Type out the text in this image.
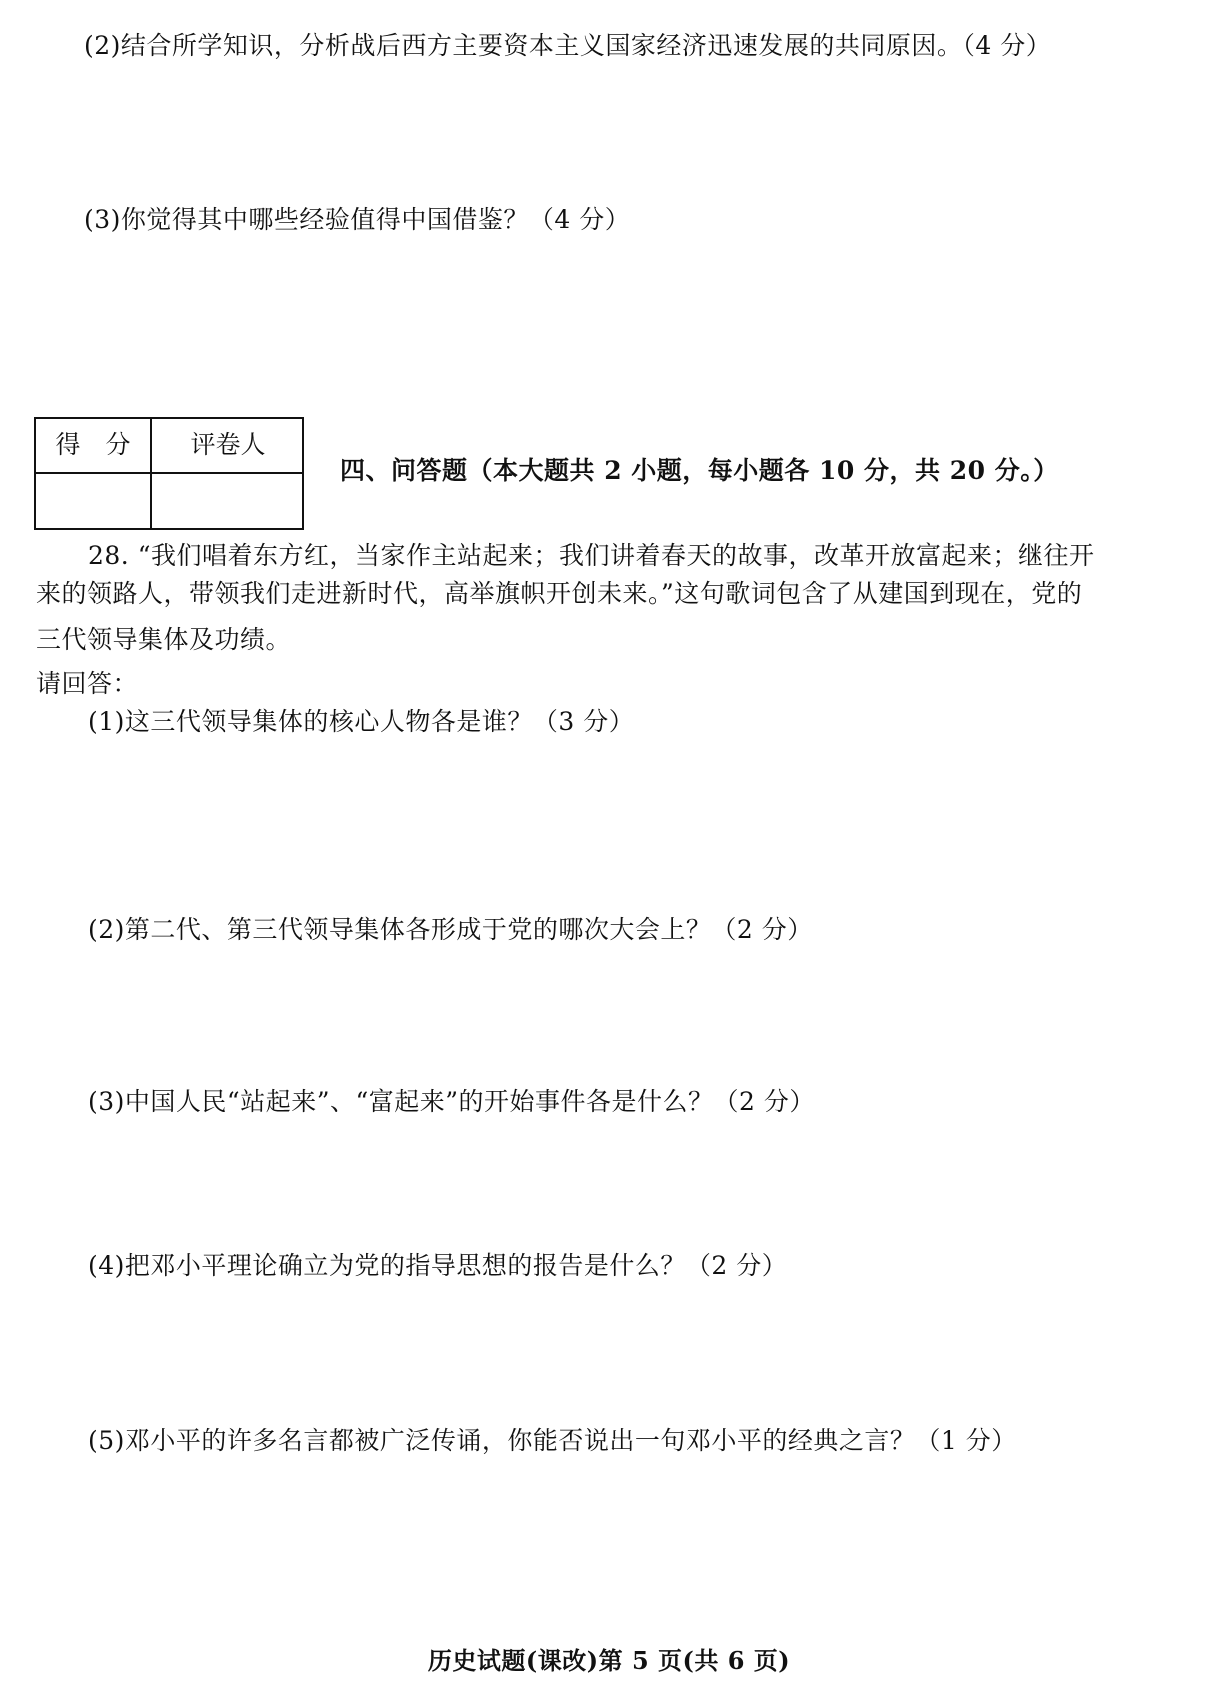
(2)结合所学知识，分析战后西方主要资本主义国家经济迅速发展的共同原因。（4 分）
(3)你觉得其中哪些经验值得中国借鉴？（4 分）
得　分	评卷人
四、问答题（本大题共 2 小题，每小题各 10 分，共 20 分。）
28. “我们唱着东方红，当家作主站起来；我们讲着春天的故事，改革开放富起来；继往开
来的领路人，带领我们走进新时代，高举旗帜开创未来。”这句歌词包含了从建国到现在，党的
三代领导集体及功绩。
请回答：
(1)这三代领导集体的核心人物各是谁？（3 分）
(2)第二代、第三代领导集体各形成于党的哪次大会上？（2 分）
(3)中国人民“站起来”、“富起来”的开始事件各是什么？（2 分）
(4)把邓小平理论确立为党的指导思想的报告是什么？（2 分）
(5)邓小平的许多名言都被广泛传诵，你能否说出一句邓小平的经典之言？（1 分）
历史试题(课改)第 5 页(共 6 页)
